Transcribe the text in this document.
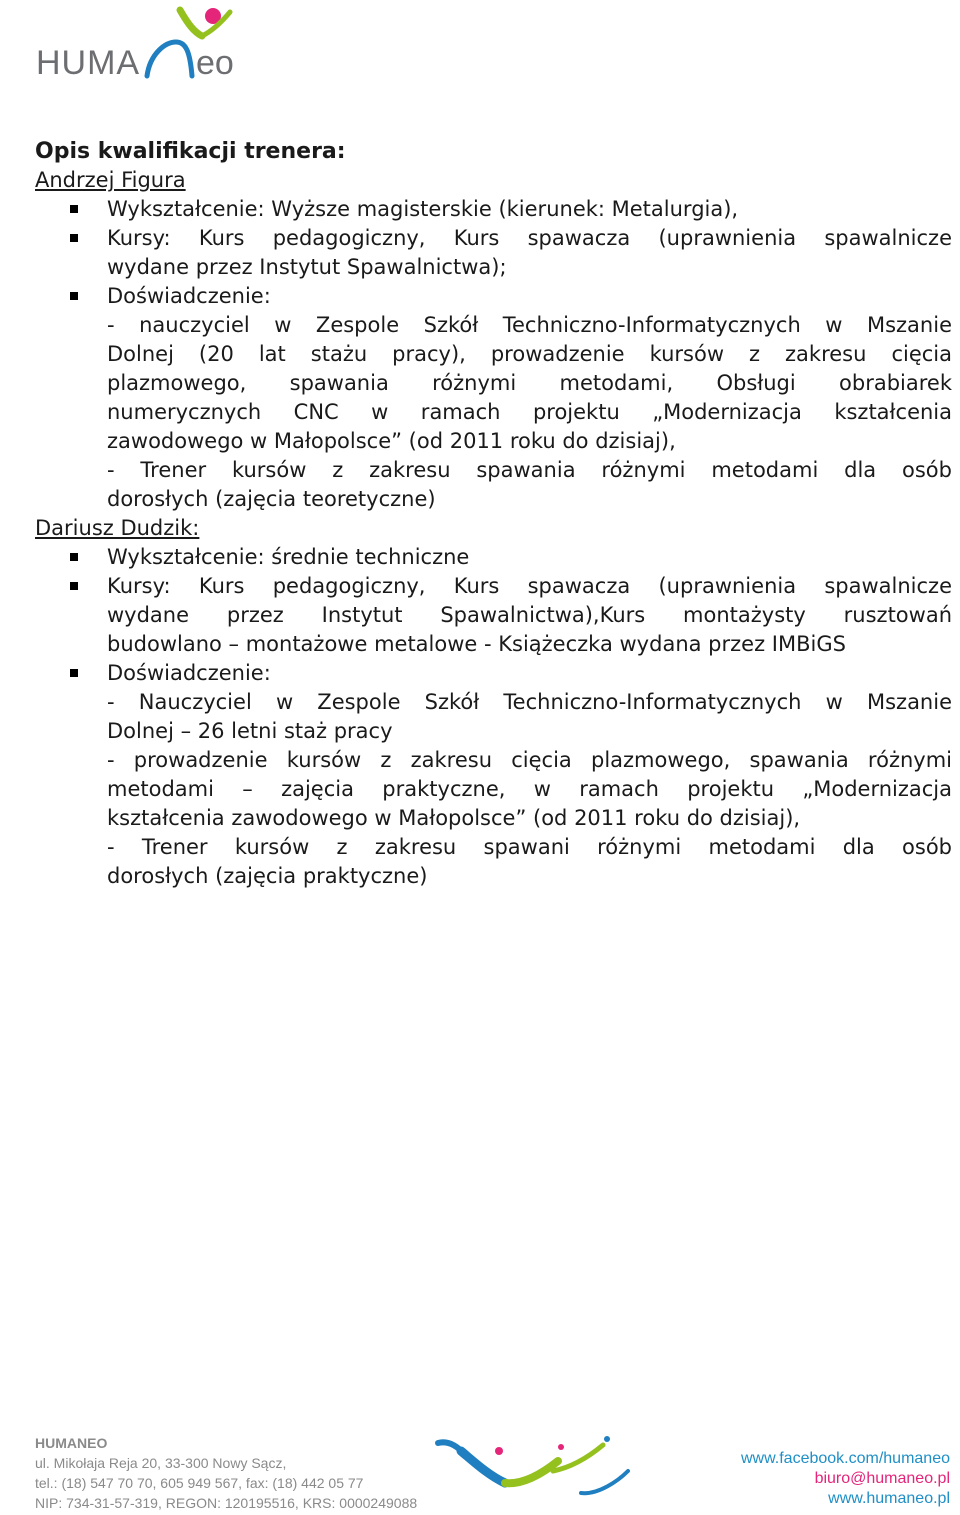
HUMA eo

Opis kwalifikacji trenera:

Andrzej Figura

Wykształcenie: Wyższe magisterskie (kierunek: Metalurgia),
Kursy: Kurs pedagogiczny, Kurs spawacza (uprawnienia spawalnicze
wydane przez Instytut Spawalnictwa);
Doświadczenie:
- nauczyciel w Zespole Szkół Techniczno-Informatycznych w Mszanie
Dolnej (20 lat stażu pracy), prowadzenie kursów z zakresu cięcia
plazmowego, spawania różnymi metodami, Obsługi obrabiarek
numerycznych CNC w ramach projektu „Modernizacja kształcenia
zawodowego w Małopolsce” (od 2011 roku do dzisiaj),
- Trener kursów z zakresu spawania różnymi metodami dla osób
dorosłych (zajęcia teoretyczne)

Dariusz Dudzik:

Wykształcenie: średnie techniczne
Kursy: Kurs pedagogiczny, Kurs spawacza (uprawnienia spawalnicze
wydane przez Instytut Spawalnictwa),Kurs montażysty rusztowań
budowlano – montażowe metalowe - Książeczka wydana przez IMBiGS
Doświadczenie:
- Nauczyciel w Zespole Szkół Techniczno-Informatycznych w Mszanie
Dolnej – 26 letni staż pracy
- prowadzenie kursów z zakresu cięcia plazmowego, spawania różnymi
metodami – zajęcia praktyczne, w ramach projektu „Modernizacja
kształcenia zawodowego w Małopolsce” (od 2011 roku do dzisiaj),
- Trener kursów z zakresu spawani różnymi metodami dla osób
dorosłych (zajęcia praktyczne)
HUMANEO
ul. Mikołaja Reja 20, 33-300 Nowy Sącz,
tel.: (18) 547 70 70, 605 949 567, fax: (18) 442 05 77
NIP: 734-31-57-319, REGON: 120195516, KRS: 0000249088
www.facebook.com/humaneo
biuro@humaneo.pl
www.humaneo.pl
